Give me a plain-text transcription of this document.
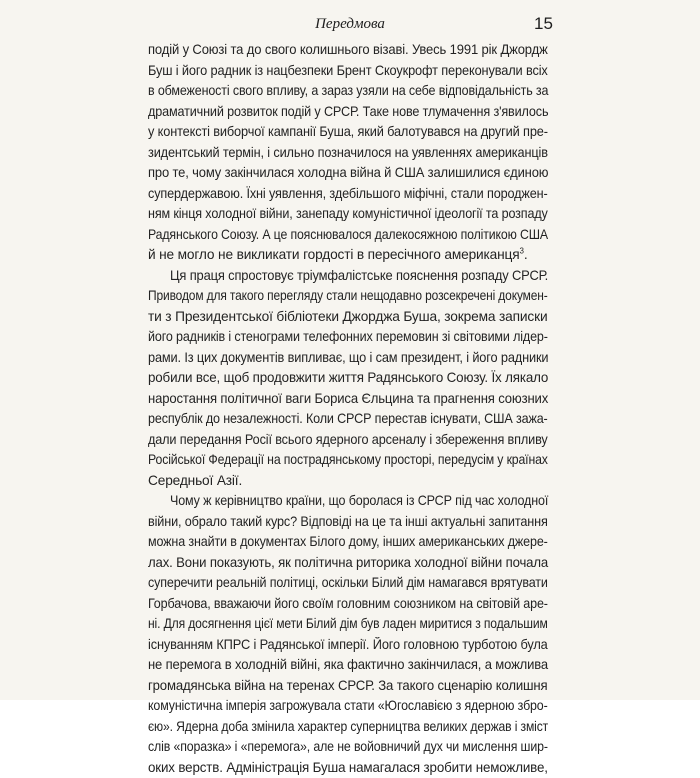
Передмова	15
подій у Союзі та до свого колишнього візаві. Увесь 1991 рік Джордж
Буш і його радник із нацбезпеки Брент Скоукрофт переконували всіх
в обмеженості свого впливу, а зараз узяли на себе відповідальність за
драматичний розвиток подій у СРСР. Таке нове тлумачення з'явилось
у контексті виборчої кампанії Буша, який балотувався на другий пре-
зидентський термін, і сильно позначилося на уявленнях американців
про те, чому закінчилася холодна війна й США залишилися єдиною
супердержавою. Їхні уявлення, здебільшого міфічні, стали породжен-
ням кінця холодної війни, занепаду комуністичної ідеології та розпаду
Радянського Союзу. А це пояснювалося далекосяжною політикою США
й не могло не викликати гордості в пересічного американця$^3$.
Ця праця спростовує тріумфалістське пояснення розпаду СРСР.
Приводом для такого перегляду стали нещодавно розсекречені докумен-
ти з Президентської бібліотеки Джорджа Буша, зокрема записки
його радників і стенограми телефонних перемовин зі світовими лідер-
рами. Із цих документів випливає, що і сам президент, і його радники
робили все, щоб продовжити життя Радянського Союзу. Їх лякало
наростання політичної ваги Бориса Єльцина та прагнення союзних
республік до незалежності. Коли СРСР перестав існувати, США зажа-
дали передання Росії всього ядерного арсеналу і збереження впливу
Російської Федерації на пострадянському просторі, передусім у країнах
Середньої Азії.
Чому ж керівництво країни, що боролася із СРСР під час холодної
війни, обрало такий курс? Відповіді на це та інші актуальні запитання
можна знайти в документах Білого дому, інших американських джере-
лах. Вони показують, як політична риторика холодної війни почала
суперечити реальній політиці, оскільки Білий дім намагався врятувати
Горбачова, вважаючи його своїм головним союзником на світовій аре-
ні. Для досягнення цієї мети Білий дім був ладен миритися з подальшим
існуванням КПРС і Радянської імперії. Його головною турботою була
не перемога в холодній війні, яка фактично закінчилася, а можлива
громадянська війна на теренах СРСР. За такого сценарію колишня
комуністична імперія загрожувала стати «Югославією з ядерною збро-
єю». Ядерна доба змінила характер суперництва великих держав і зміст
слів «поразка» і «перемога», але не войовничий дух чи мислення шир-
оких верств. Адміністрація Буша намагалася зробити неможливе,
